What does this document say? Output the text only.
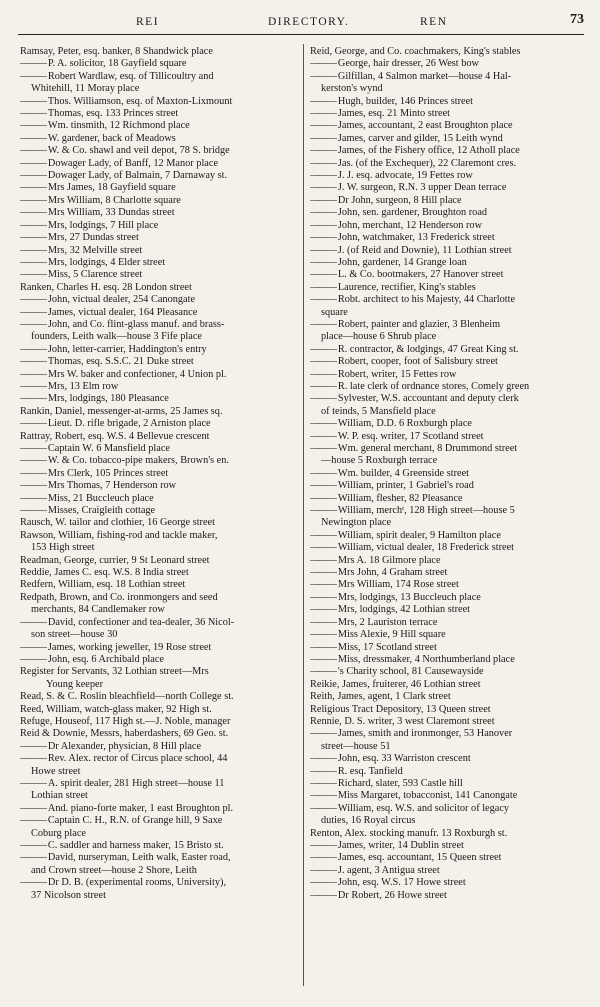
REI	DIRECTORY.	REN	73
Ramsay, Peter, esq. banker, 8 Shandwick place
——— P. A. solicitor, 18 Gayfield square
——— Robert Wardlaw, esq. of Tillicoultry and
Whitehill, 11 Moray place
——— Thos. Williamson, esq. of Maxton-Lixmount
——— Thomas, esq. 133 Princes street
——— Wm. tinsmith, 12 Richmond place
——— W. gardener, back of Meadows
——— W. & Co. shawl and veil depot, 78 S. bridge
——— Dowager Lady, of Banff, 12 Manor place
——— Dowager Lady, of Balmain, 7 Darnaway st.
——— Mrs James, 18 Gayfield square
——— Mrs William, 8 Charlotte square
——— Mrs William, 33 Dundas street
——— Mrs, lodgings, 7 Hill place
——— Mrs, 27 Dundas street
——— Mrs, 32 Melville street
——— Mrs, lodgings, 4 Elder street
——— Miss, 5 Clarence street
Ranken, Charles H. esq. 28 London street
——— John, victual dealer, 254 Canongate
——— James, victual dealer, 164 Pleasance
——— John, and Co. flint-glass manuf. and brass-
founders, Leith walk—house 3 Fife place
——— John, letter-carrier, Haddington's entry
——— Thomas, esq. S.S.C. 21 Duke street
——— Mrs W. baker and confectioner, 4 Union pl.
——— Mrs, 13 Elm row
——— Mrs, lodgings, 180 Pleasance
Rankin, Daniel, messenger-at-arms, 25 James sq.
——— Lieut. D. rifle brigade, 2 Arniston place
Rattray, Robert, esq. W.S. 4 Bellevue crescent
——— Captain W. 6 Mansfield place
——— W. & Co. tobacco-pipe makers, Brown's en.
——— Mrs Clerk, 105 Princes street
——— Mrs Thomas, 7 Henderson row
——— Miss, 21 Buccleuch place
——— Misses, Craigleith cottage
Rausch, W. tailor and clothier, 16 George street
Rawson, William, fishing-rod and tackle maker,
153 High street
Readman, George, currier, 9 St Leonard street
Reddie, James C. esq. W.S. 8 India street
Redfern, William, esq. 18 Lothian street
Redpath, Brown, and Co. ironmongers and seed
merchants, 84 Candlemaker row
——— David, confectioner and tea-dealer, 36 Nicol-
son street—house 30
——— James, working jeweller, 19 Rose street
——— John, esq. 6 Archibald place
Register for Servants, 32 Lothian street—Mrs
Young keeper
Read, S. & C. Roslin bleachfield—north College st.
Reed, William, watch-glass maker, 92 High st.
Refuge, Houseof, 117 High st.—J. Noble, manager
Reid & Downie, Messrs, haberdashers, 69 Geo. st.
——— Dr Alexander, physician, 8 Hill place
——— Rev. Alex. rector of Circus place school, 44
Howe street
——— A. spirit dealer, 281 High street—house 11
Lothian street
——— And. piano-forte maker, 1 east Broughton pl.
——— Captain C. H., R.N. of Grange hill, 9 Saxe
Coburg place
——— C. saddler and harness maker, 15 Bristo st.
——— David, nurseryman, Leith walk, Easter road,
and Crown street—house 2 Shore, Leith
——— Dr D. B. (experimental rooms, University),
37 Nicolson street
Reid, George, and Co. coachmakers, King's stables
——— George, hair dresser, 26 West bow
——— Gilfillan, 4 Salmon market—house 4 Hal-
kerston's wynd
——— Hugh, builder, 146 Princes street
——— James, esq. 21 Minto street
——— James, accountant, 2 east Broughton place
——— James, carver and gilder, 15 Leith wynd
——— James, of the Fishery office, 12 Atholl place
——— Jas. (of the Exchequer), 22 Claremont cres.
——— J. J. esq. advocate, 19 Fettes row
——— J. W. surgeon, R.N. 3 upper Dean terrace
——— Dr John, surgeon, 8 Hill place
——— John, sen. gardener, Broughton road
——— John, merchant, 12 Henderson row
——— John, watchmaker, 13 Frederick street
——— J. (of Reid and Downie), 11 Lothian street
——— John, gardener, 14 Grange loan
——— L. & Co. bootmakers, 27 Hanover street
——— Laurence, rectifier, King's stables
——— Robt. architect to his Majesty, 44 Charlotte
square
——— Robert, painter and glazier, 3 Blenheim
place—house 6 Shrub place
——— R. contractor, & lodgings, 47 Great King st.
——— Robert, cooper, foot of Salisbury street
——— Robert, writer, 15 Fettes row
——— R. late clerk of ordnance stores, Comely green
——— Sylvester, W.S. accountant and deputy clerk
of teinds, 5 Mansfield place
——— William, D.D. 6 Roxburgh place
——— W. P. esq. writer, 17 Scotland street
——— Wm. general merchant, 8 Drummond street
—house 5 Roxburgh terrace
——— Wm. builder, 4 Greenside street
——— William, printer, 1 Gabriel's road
——— William, flesher, 82 Pleasance
——— William, merchᵗ, 128 High street—house 5
Newington place
——— William, spirit dealer, 9 Hamilton place
——— William, victual dealer, 18 Frederick street
——— Mrs A. 18 Gilmore place
——— Mrs John, 4 Graham street
——— Mrs William, 174 Rose street
——— Mrs, lodgings, 13 Buccleuch place
——— Mrs, lodgings, 42 Lothian street
——— Mrs, 2 Lauriston terrace
——— Miss Alexie, 9 Hill square
——— Miss, 17 Scotland street
——— Miss, dressmaker, 4 Northumberland place
——— 's Charity school, 81 Causewayside
Reikie, James, fruiterer, 46 Lothian street
Reith, James, agent, 1 Clark street
Religious Tract Depository, 13 Queen street
Rennie, D. S. writer, 3 west Claremont street
——— James, smith and ironmonger, 53 Hanover
street—house 51
——— John, esq. 33 Warriston crescent
——— R. esq. Tanfield
——— Richard, slater, 593 Castle hill
——— Miss Margaret, tobacconist, 141 Canongate
——— William, esq. W.S. and solicitor of legacy
duties, 16 Royal circus
Renton, Alex. stocking manufr. 13 Roxburgh st.
——— James, writer, 14 Dublin street
——— James, esq. accountant, 15 Queen street
——— J. agent, 3 Antigua street
——— John, esq. W.S. 17 Howe street
——— Dr Robert, 26 Howe street
